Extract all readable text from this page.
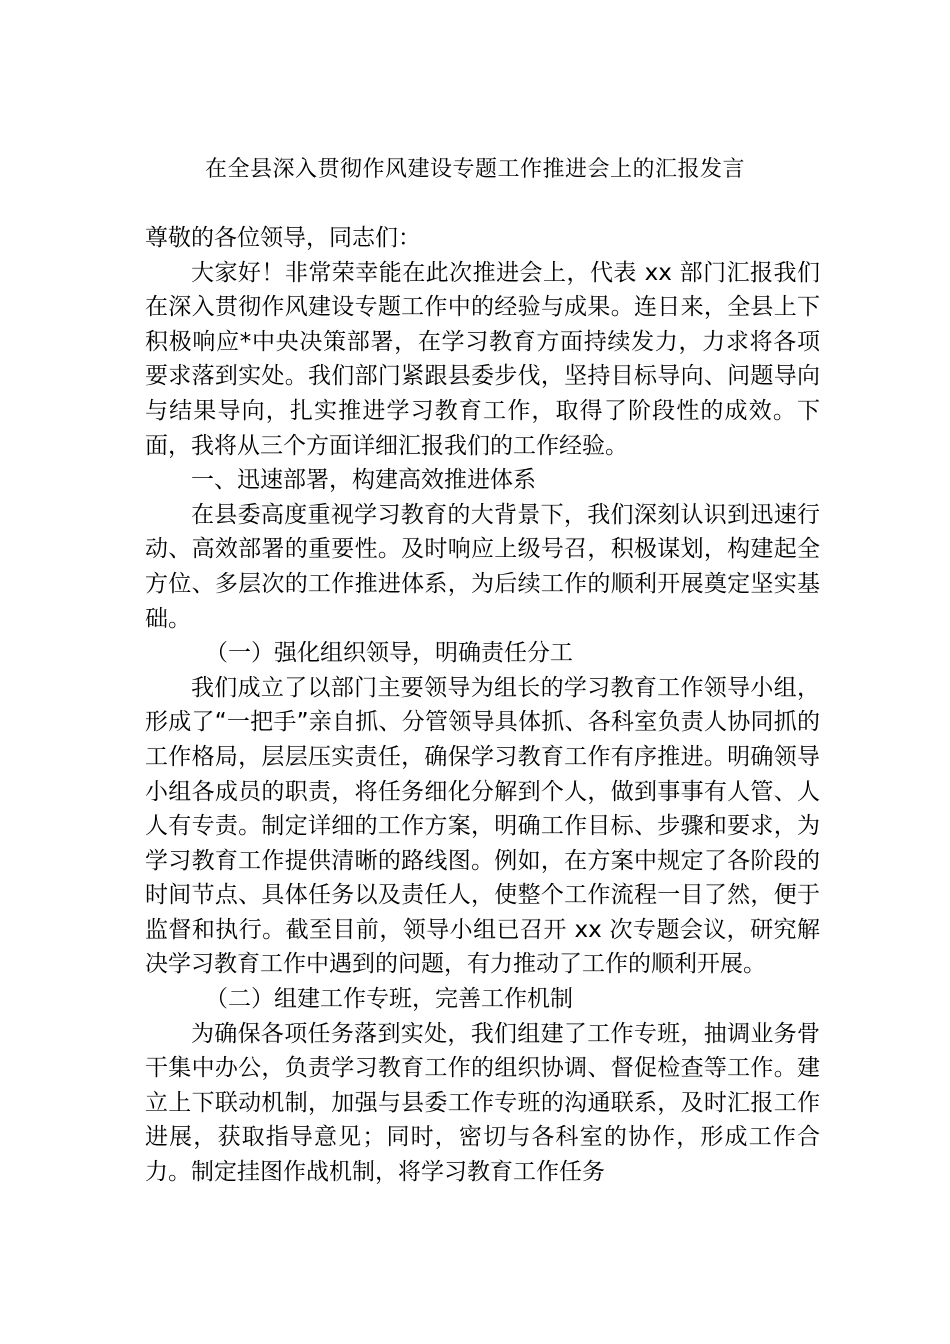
在全县深入贯彻作风建设专题工作推进会上的汇报发言

尊敬的各位领导，同志们：

大家好！非常荣幸能在此次推进会上，代表 xx 部门汇报我们在深入贯彻作风建设专题工作中的经验与成果。连日来，全县上下积极响应*中央决策部署，在学习教育方面持续发力，力求将各项要求落到实处。我们部门紧跟县委步伐，坚持目标导向、问题导向与结果导向，扎实推进学习教育工作，取得了阶段性的成效。下面，我将从三个方面详细汇报我们的工作经验。

一、迅速部署，构建高效推进体系

在县委高度重视学习教育的大背景下，我们深刻认识到迅速行动、高效部署的重要性。及时响应上级号召，积极谋划，构建起全方位、多层次的工作推进体系，为后续工作的顺利开展奠定坚实基础。

（一）强化组织领导，明确责任分工

我们成立了以部门主要领导为组长的学习教育工作领导小组，形成了“一把手”亲自抓、分管领导具体抓、各科室负责人协同抓的工作格局，层层压实责任，确保学习教育工作有序推进。明确领导小组各成员的职责，将任务细化分解到个人，做到事事有人管、人人有专责。制定详细的工作方案，明确工作目标、步骤和要求，为学习教育工作提供清晰的路线图。例如，在方案中规定了各阶段的时间节点、具体任务以及责任人，使整个工作流程一目了然，便于监督和执行。截至目前，领导小组已召开 xx 次专题会议，研究解决学习教育工作中遇到的问题，有力推动了工作的顺利开展。

（二）组建工作专班，完善工作机制

为确保各项任务落到实处，我们组建了工作专班，抽调业务骨干集中办公，负责学习教育工作的组织协调、督促检查等工作。建立上下联动机制，加强与县委工作专班的沟通联系，及时汇报工作进展，获取指导意见；同时，密切与各科室的协作，形成工作合力。制定挂图作战机制，将学习教育工作任务
